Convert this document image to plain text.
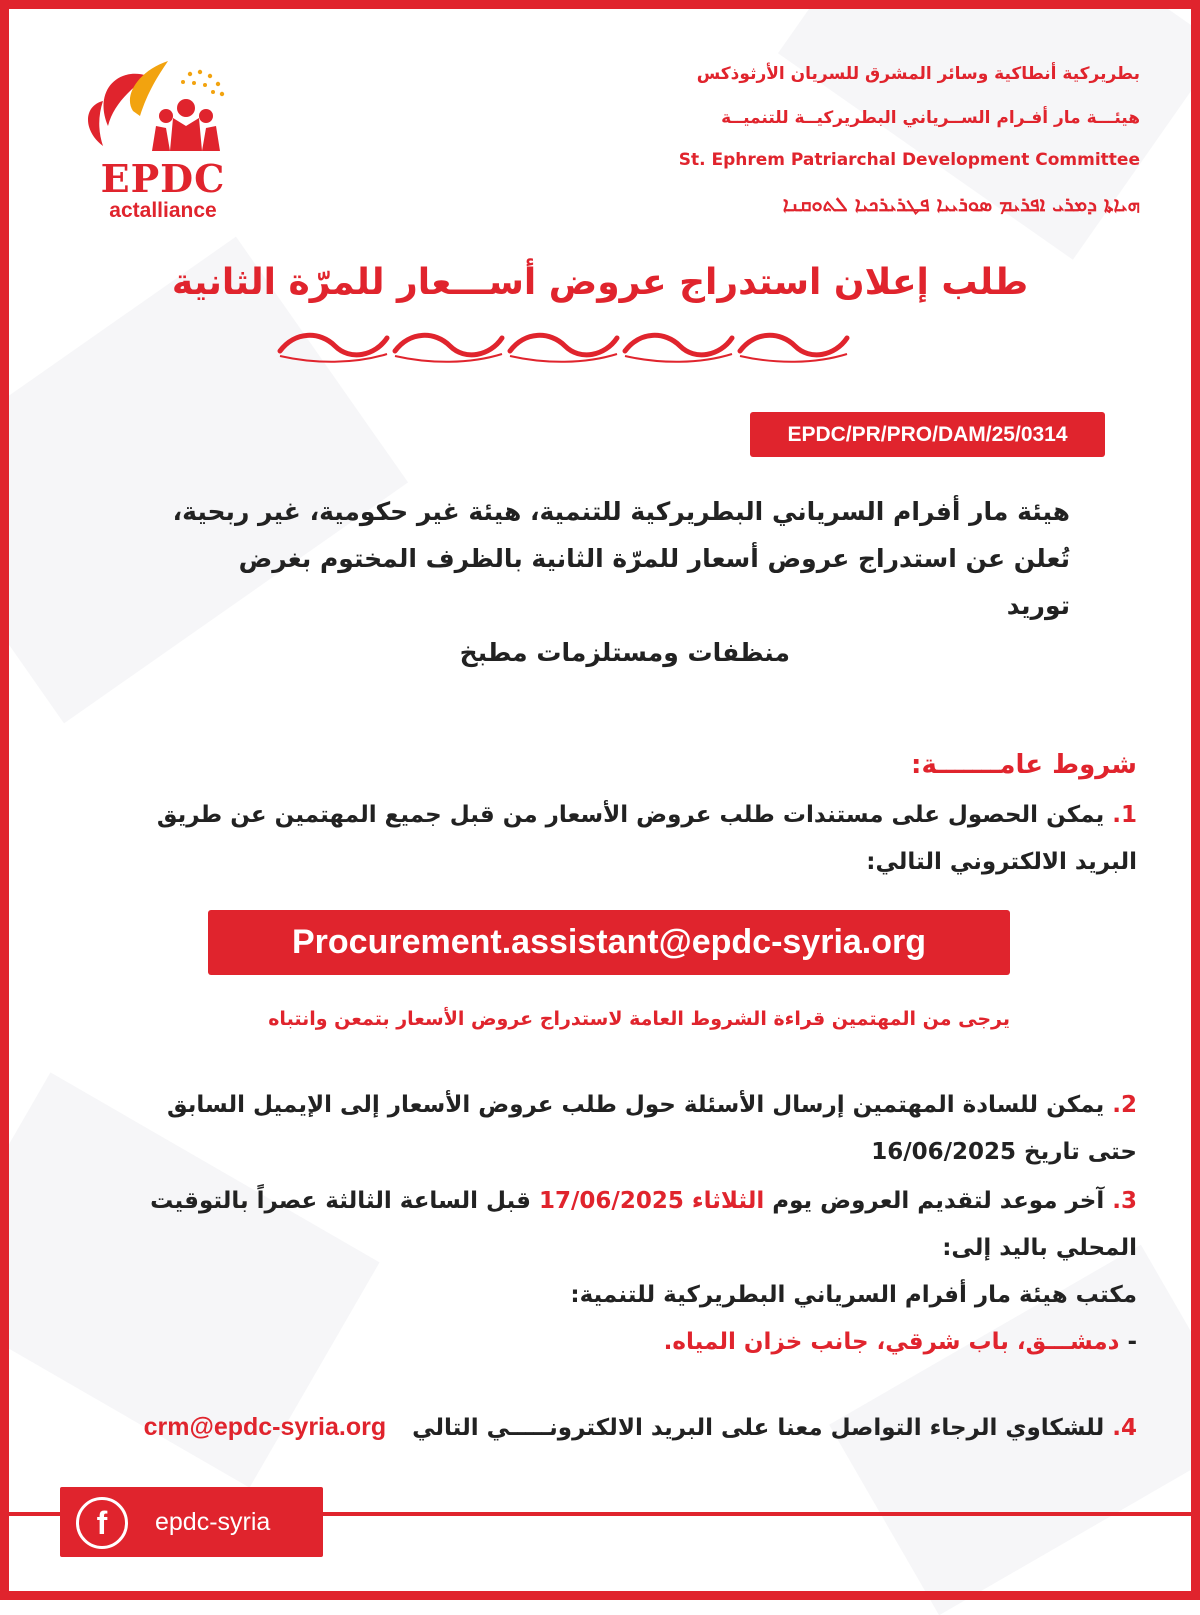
EPDC
actalliance
بطريركية أنطاكية وسائر المشرق للسريان الأرثوذكس
هيئـــة مار أفـرام الســرياني البطريركيــة للتنميــة
St. Ephrem Patriarchal Development Committee
ܗܝܐܬܐ ܕܡܪܝ ܐܦܪܝܡ ܣܘܪܝܝܐ ܦܛܪܝܪܟܝܐ ܠܬܘܩܢܐ
طلب إعلان استدراج عروض أســـعار للمرّة الثانية
EPDC/PR/PRO/DAM/25/0314
هيئة مار أفرام السرياني البطريركية للتنمية، هيئة غير حكومية، غير ربحية،
تُعلن عن استدراج عروض أسعار للمرّة الثانية بالظرف المختوم بغرض توريد
منظفات ومستلزمات مطبخ
شروط عامـــــــة:
1. يمكن الحصول على مستندات طلب عروض الأسعار من قبل جميع المهتمين عن طريق
البريد الالكتروني التالي:
Procurement.assistant@epdc-syria.org
يرجى من المهتمين قراءة الشروط العامة لاستدراج عروض الأسعار بتمعن وانتباه
2. يمكن للسادة المهتمين إرسال الأسئلة حول طلب عروض الأسعار إلى الإيميل السابق
حتى تاريخ 16/06/2025
3. آخر موعد لتقديم العروض يوم الثلاثاء 17/06/2025 قبل الساعة الثالثة عصراً بالتوقيت
المحلي باليد إلى:
مكتب هيئة مار أفرام السرياني البطريركية للتنمية:
- دمشـــق، باب شرقي، جانب خزان المياه.
4. للشكاوي الرجاء التواصل معنا على البريد الالكترونـــــي التالي crm@epdc-syria.org
f	epdc-syria
